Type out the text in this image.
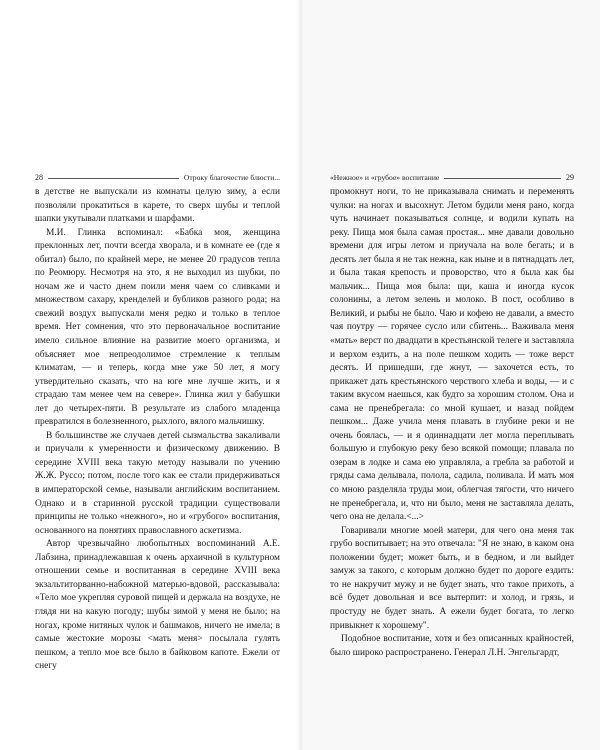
28	Отроку благочестие блюсти...

в детстве не выпускали из комнаты целую зиму, а если позволяли прокатиться в карете, то сверх шубы и теплой шапки укутывали платками и шарфами.

М.И. Глинка вспоминал: «Бабка моя, женщина преклонных лет, почти всегда хворала, и в комнате ее (где я обитал) было, по крайней мере, не менее 20 градусов тепла по Реомюру. Несмотря на это, я не выходил из шубки, по ночам же и часто днем поили меня чаем со сливками и множеством сахару, кренделей и бубликов разного рода; на свежий воздух выпускали меня редко и только в теплое время. Нет сомнения, что это первоначальное воспитание имело сильное влияние на развитие моего организма, и объясняет мое непреодолимое стремление к теплым климатам, — и теперь, когда мне уже 50 лет, я могу утвердительно сказать, что на юге мне лучше жить, и я страдаю там менее чем на севере». Глинка жил у бабушки лет до четырех-пяти. В результате из слабого младенца превратился в болезненного, рыхлого, вялого мальчишку.

В большинстве же случаев детей сызмальства закаливали и приучали к умеренности и физическому движению. В середине XVIII века такую методу называли по учению Ж.Ж. Руссо; потом, после того как ее стали придерживаться в императорской семье, называли английским воспитанием. Однако и в старинной русской традиции существовали принципы не только «нежного», но и «грубого» воспитания, основанного на понятиях православного аскетизма.

Автор чрезвычайно любопытных воспоминаний А.Е. Лабзина, принадлежавшая к очень архаичной в культурном отношении семье и воспитанная в середине XVIII века экзальтиторванно-набожной матерью-вдовой, рассказывала: «Тело мое укрепляя суровой пищей и держала на воздухе, не глядя ни на какую погоду; шубы зимой у меня не было; на ногах, кроме нитяных чулок и башмаков, ничего не имела; в самые жестокие морозы <мать меня> посылала гулять пешком, а тепло мое все было в байковом капоте. Ежели от снегу

«Нежное» и «грубое» воспитание	29

промокнут ноги, то не приказывала снимать и переменять чулки: на ногах и высохнут. Летом будили меня рано, когда чуть начинает показываться солнце, и водили купать на реку. Пища моя была самая простая... мне давали довольно времени для игры летом и приучала на воле бегать; и в десять лет была я не так нежна, как ныне и в пятнадцать лет, и была такая крепость и проворство, что я была как бы мальчик... Пища моя была: щи, каша и иногда кусок солонины, а летом зелень и молоко. В пост, особливо в Великий, и рыбы не было. Чаю и кофею не давали, а вместо чая поутру — горячее сусло или сбитень... Важивала меня «мать» верст по двадцати в крестьянской телеге и заставляла и верхом ездить, а на поле пешком ходить — тоже верст десять. И пришедши, где жнут, — захочется есть, то прикажет дать крестьянского черствого хлеба и воды, — и с таким вкусом наешься, как будто за хорошим столом. Она и сама не пренебрегала: со мной кушает, и назад пойдем пешком... Даже учила меня плавать в глубине реки и не очень боялась, — и я одиннадцати лет могла переплывать большую и глубокую реку безо всякой помощи; плавала по озерам в лодке и сама ею управляла, а гребла за работой и гряды сама делывала, полола, садила, поливала. И мать моя со мною разделяла труды мои, облегчая тягости, что ничего не пренебрегала, и, что ни было, меня не заставляла делать, чего она не делала.<...>

Говаривали многие моей матери, для чего она меня так грубо воспитывает; на это отвечала: "Я не знаю, в каком она положении будет; может быть, и в бедном, и ли выйдет замуж за такого, с которым должно будет по дороге ездить: то не накручит мужу и не будет знать, что такое прихоть, а всё будет довольная и все вытерпит: и холод, и грязь, и простуду не будет знать. А ежели будет богата, то легко привыкнет к хорошему".

Подобное воспитание, хотя и без описанных крайностей, было широко распространено. Генерал Л.Н. Энгельгардт,
